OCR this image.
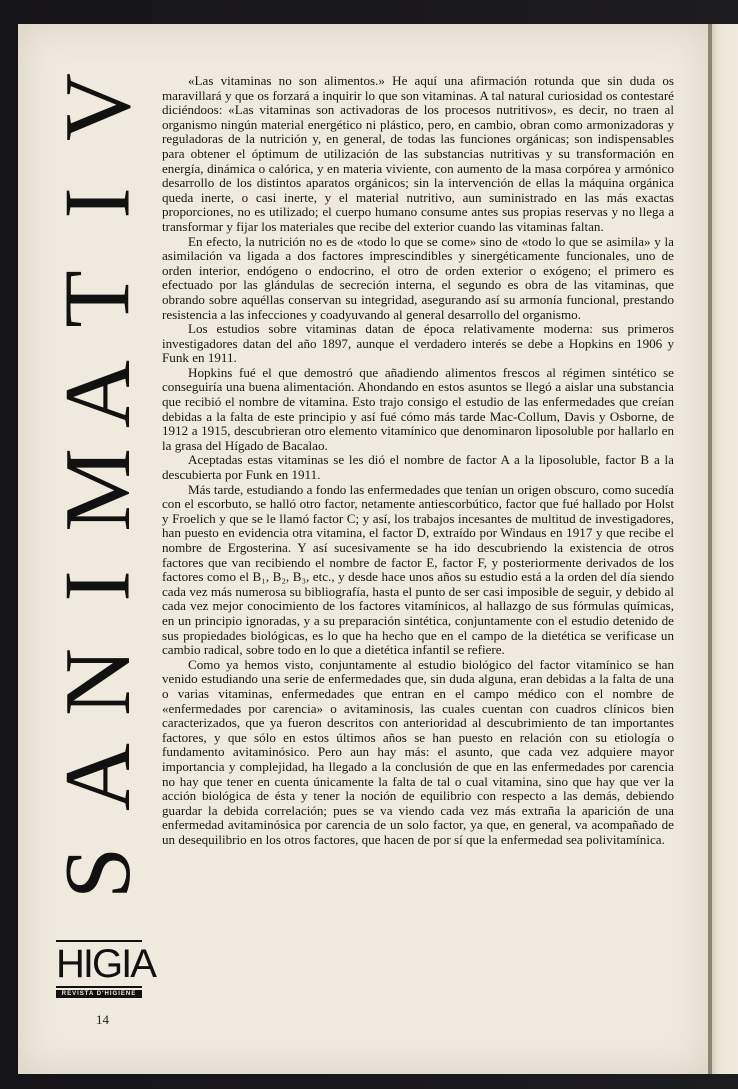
V
I
T
A
M
I
N
A
S
HIGIA
REVISTA D'HIGIENE
14

«Las vitaminas no son alimentos.» He aquí una afirmación rotunda que sin duda os maravillará y que os forzará a inquirir lo que son vitaminas. A tal natural curiosidad os contestaré diciéndoos: «Las vitaminas son activadoras de los procesos nutritivos», es decir, no traen al organismo ningún material energético ni plástico, pero, en cambio, obran como armonizadoras y reguladoras de la nutrición y, en general, de todas las funciones orgánicas; son indispensables para obtener el óptimum de utilización de las substancias nutritivas y su transformación en energía, dinámica o calórica, y en materia viviente, con aumento de la masa corpórea y armónico desarrollo de los distintos aparatos orgánicos; sin la intervención de ellas la máquina orgánica queda inerte, o casi inerte, y el material nutritivo, aun suministrado en las más exactas proporciones, no es utilizado; el cuerpo humano consume antes sus propias reservas y no llega a transformar y fijar los materiales que recibe del exterior cuando las vitaminas faltan.

En efecto, la nutrición no es de «todo lo que se come» sino de «todo lo que se asimila» y la asimilación va ligada a dos factores imprescindibles y sinergéticamente funcionales, uno de orden interior, endógeno o endocrino, el otro de orden exterior o exógeno; el primero es efectuado por las glándulas de secreción interna, el segundo es obra de las vitaminas, que obrando sobre aquéllas conservan su integridad, asegurando así su armonía funcional, prestando resistencia a las infecciones y coadyuvando al general desarrollo del organismo.

Los estudios sobre vitaminas datan de época relativamente moderna: sus primeros investigadores datan del año 1897, aunque el verdadero interés se debe a Hopkins en 1906 y Funk en 1911.

Hopkins fué el que demostró que añadiendo alimentos frescos al régimen sintético se conseguiría una buena alimentación. Ahondando en estos asuntos se llegó a aislar una substancia que recibió el nombre de vitamina. Esto trajo consigo el estudio de las enfermedades que creían debidas a la falta de este principio y así fué cómo más tarde Mac-Collum, Davis y Osborne, de 1912 a 1915, descubrieran otro elemento vitamínico que denominaron liposoluble por hallarlo en la grasa del Hígado de Bacalao.

Aceptadas estas vitaminas se les dió el nombre de factor A a la liposoluble, factor B a la descubierta por Funk en 1911.

Más tarde, estudiando a fondo las enfermedades que tenían un origen obscuro, como sucedía con el escorbuto, se halló otro factor, netamente antiescorbútico, factor que fué hallado por Holst y Froelich y que se le llamó factor C; y así, los trabajos incesantes de multitud de investigadores, han puesto en evidencia otra vitamina, el factor D, extraído por Windaus en 1917 y que recibe el nombre de Ergosterina. Y así sucesivamente se ha ido descubriendo la existencia de otros factores que van recibiendo el nombre de factor E, factor F, y posteriormente derivados de los factores como el B₁, B₂, B₃, etc., y desde hace unos años su estudio está a la orden del día siendo cada vez más numerosa su bibliografía, hasta el punto de ser casi imposible de seguir, y debido al cada vez mejor conocimiento de los factores vitamínicos, al hallazgo de sus fórmulas químicas, en un principio ignoradas, y a su preparación sintética, conjuntamente con el estudio detenido de sus propiedades biológicas, es lo que ha hecho que en el campo de la dietética se verificase un cambio radical, sobre todo en lo que a dietética infantil se refiere.

Como ya hemos visto, conjuntamente al estudio biológico del factor vitamínico se han venido estudiando una serie de enfermedades que, sin duda alguna, eran debidas a la falta de una o varias vitaminas, enfermedades que entran en el campo médico con el nombre de «enfermedades por carencia» o avitaminosis, las cuales cuentan con cuadros clínicos bien caracterizados, que ya fueron descritos con anterioridad al descubrimiento de tan importantes factores, y que sólo en estos últimos años se han puesto en relación con su etiología o fundamento avitaminósico. Pero aun hay más: el asunto, que cada vez adquiere mayor importancia y complejidad, ha llegado a la conclusión de que en las enfermedades por carencia no hay que tener en cuenta únicamente la falta de tal o cual vitamina, sino que hay que ver la acción biológica de ésta y tener la noción de equilibrio con respecto a las demás, debiendo guardar la debida correlación; pues se va viendo cada vez más extraña la aparición de una enfermedad avitaminósica por carencia de un solo factor, ya que, en general, va acompañado de un desequilibrio en los otros factores, que hacen de por sí que la enfermedad sea polivitamínica.
